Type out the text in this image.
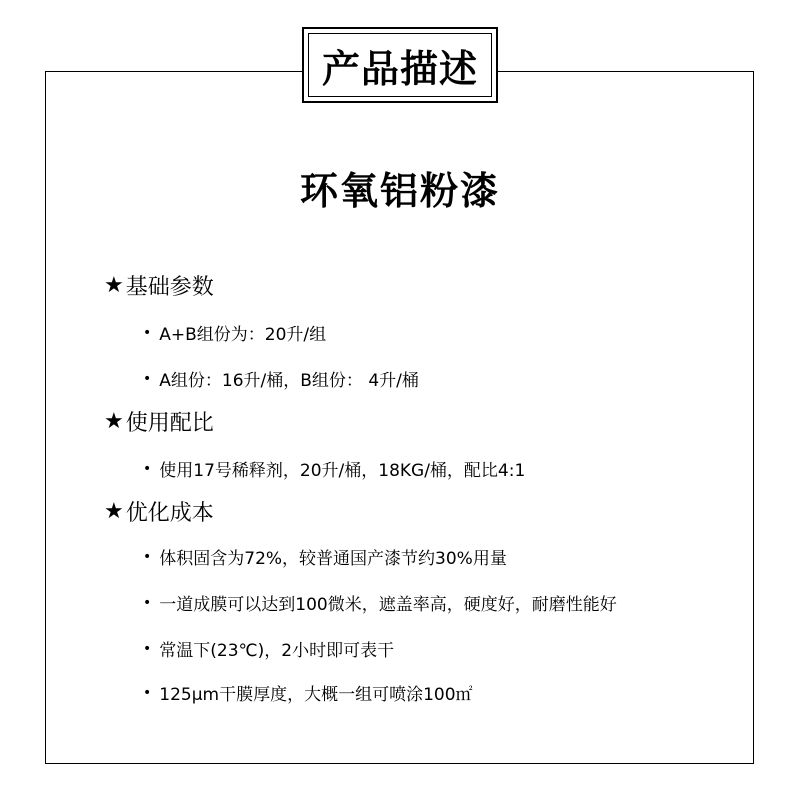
产品描述
环氧铝粉漆
★ 基础参数
• A+B组份为：20升/组
• A组份：16升/桶，B组份： 4升/桶
★ 使用配比
• 使用17号稀释剂，20升/桶，18KG/桶，配比4:1
★ 优化成本
• 体积固含为72%，较普通国产漆节约30%用量
• 一道成膜可以达到100微米，遮盖率高，硬度好，耐磨性能好
• 常温下(23℃)，2小时即可表干
• 125μm干膜厚度，大概一组可喷涂100㎡
